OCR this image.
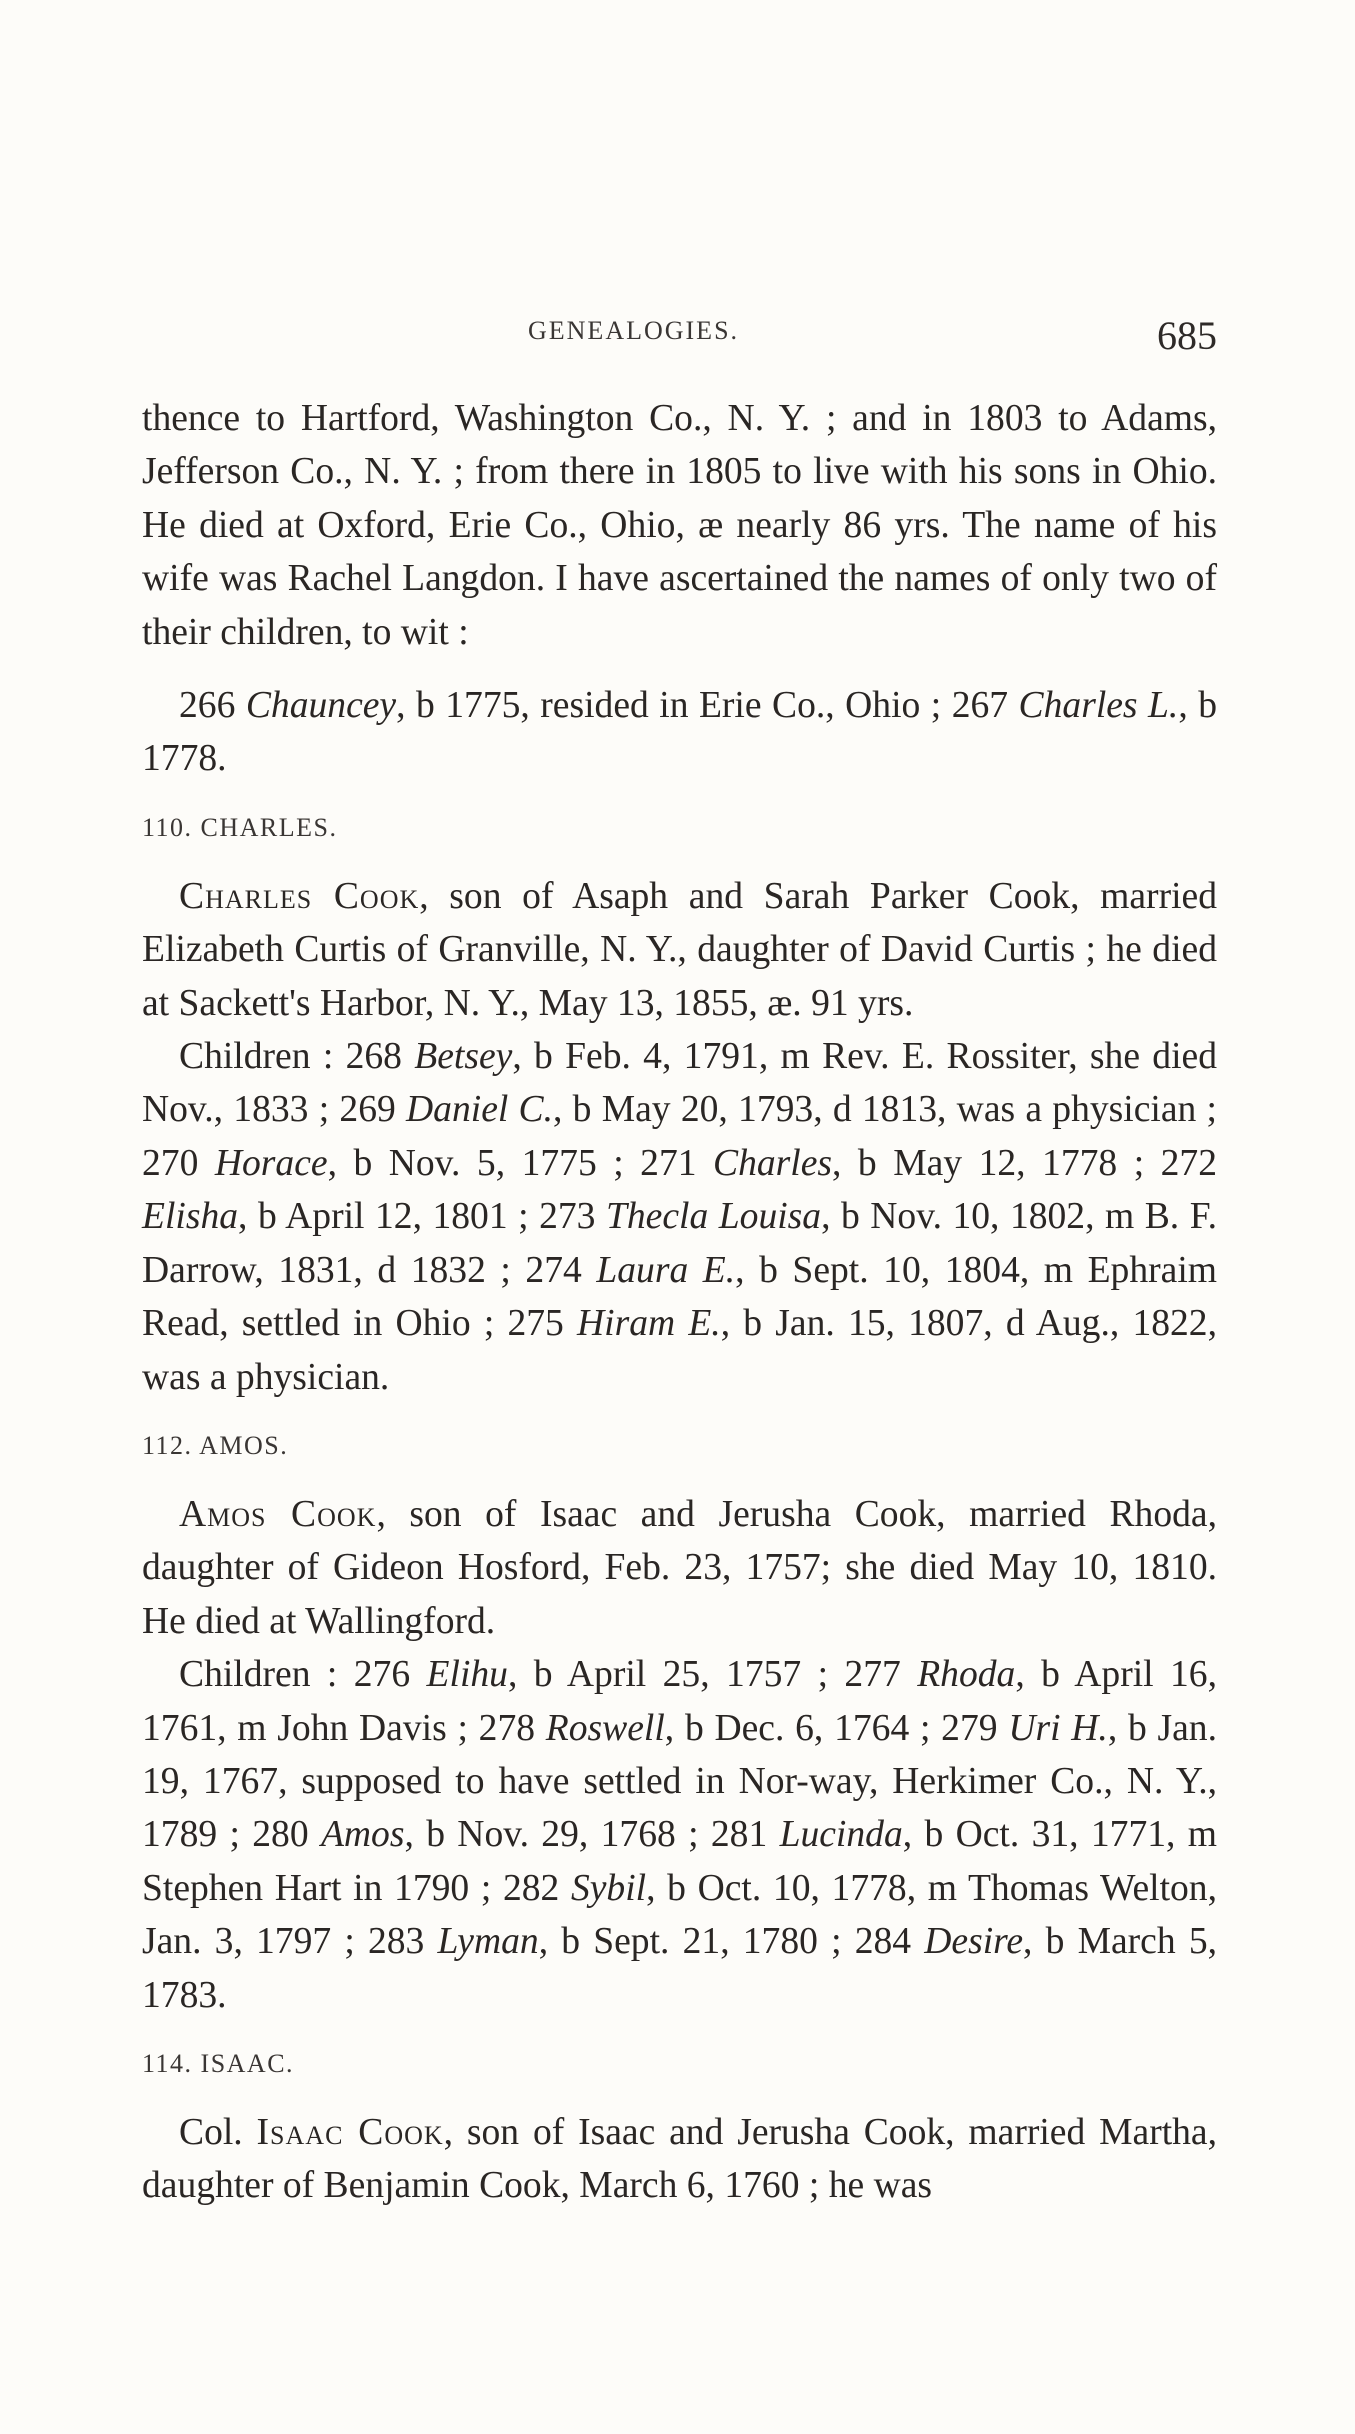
GENEALOGIES.	685

thence to Hartford, Washington Co., N. Y. ; and in 1803 to Adams, Jefferson Co., N. Y. ; from there in 1805 to live with his sons in Ohio. He died at Oxford, Erie Co., Ohio, æ nearly 86 yrs. The name of his wife was Rachel Langdon. I have ascertained the names of only two of their children, to wit :

266 Chauncey, b 1775, resided in Erie Co., Ohio ; 267 Charles L., b 1778.

110. CHARLES.

Charles Cook, son of Asaph and Sarah Parker Cook, married Elizabeth Curtis of Granville, N. Y., daughter of David Curtis ; he died at Sackett's Harbor, N. Y., May 13, 1855, æ. 91 yrs.

Children : 268 Betsey, b Feb. 4, 1791, m Rev. E. Rossiter, she died Nov., 1833 ; 269 Daniel C., b May 20, 1793, d 1813, was a physician ; 270 Horace, b Nov. 5, 1775 ; 271 Charles, b May 12, 1778 ; 272 Elisha, b April 12, 1801 ; 273 Thecla Louisa, b Nov. 10, 1802, m B. F. Darrow, 1831, d 1832 ; 274 Laura E., b Sept. 10, 1804, m Ephraim Read, settled in Ohio ; 275 Hiram E., b Jan. 15, 1807, d Aug., 1822, was a physician.

112. AMOS.

Amos Cook, son of Isaac and Jerusha Cook, married Rhoda, daughter of Gideon Hosford, Feb. 23, 1757; she died May 10, 1810. He died at Wallingford.

Children : 276 Elihu, b April 25, 1757 ; 277 Rhoda, b April 16, 1761, m John Davis ; 278 Roswell, b Dec. 6, 1764 ; 279 Uri H., b Jan. 19, 1767, supposed to have settled in Nor-way, Herkimer Co., N. Y., 1789 ; 280 Amos, b Nov. 29, 1768 ; 281 Lucinda, b Oct. 31, 1771, m Stephen Hart in 1790 ; 282 Sybil, b Oct. 10, 1778, m Thomas Welton, Jan. 3, 1797 ; 283 Lyman, b Sept. 21, 1780 ; 284 Desire, b March 5, 1783.

114. ISAAC.

Col. Isaac Cook, son of Isaac and Jerusha Cook, married Martha, daughter of Benjamin Cook, March 6, 1760 ; he was
